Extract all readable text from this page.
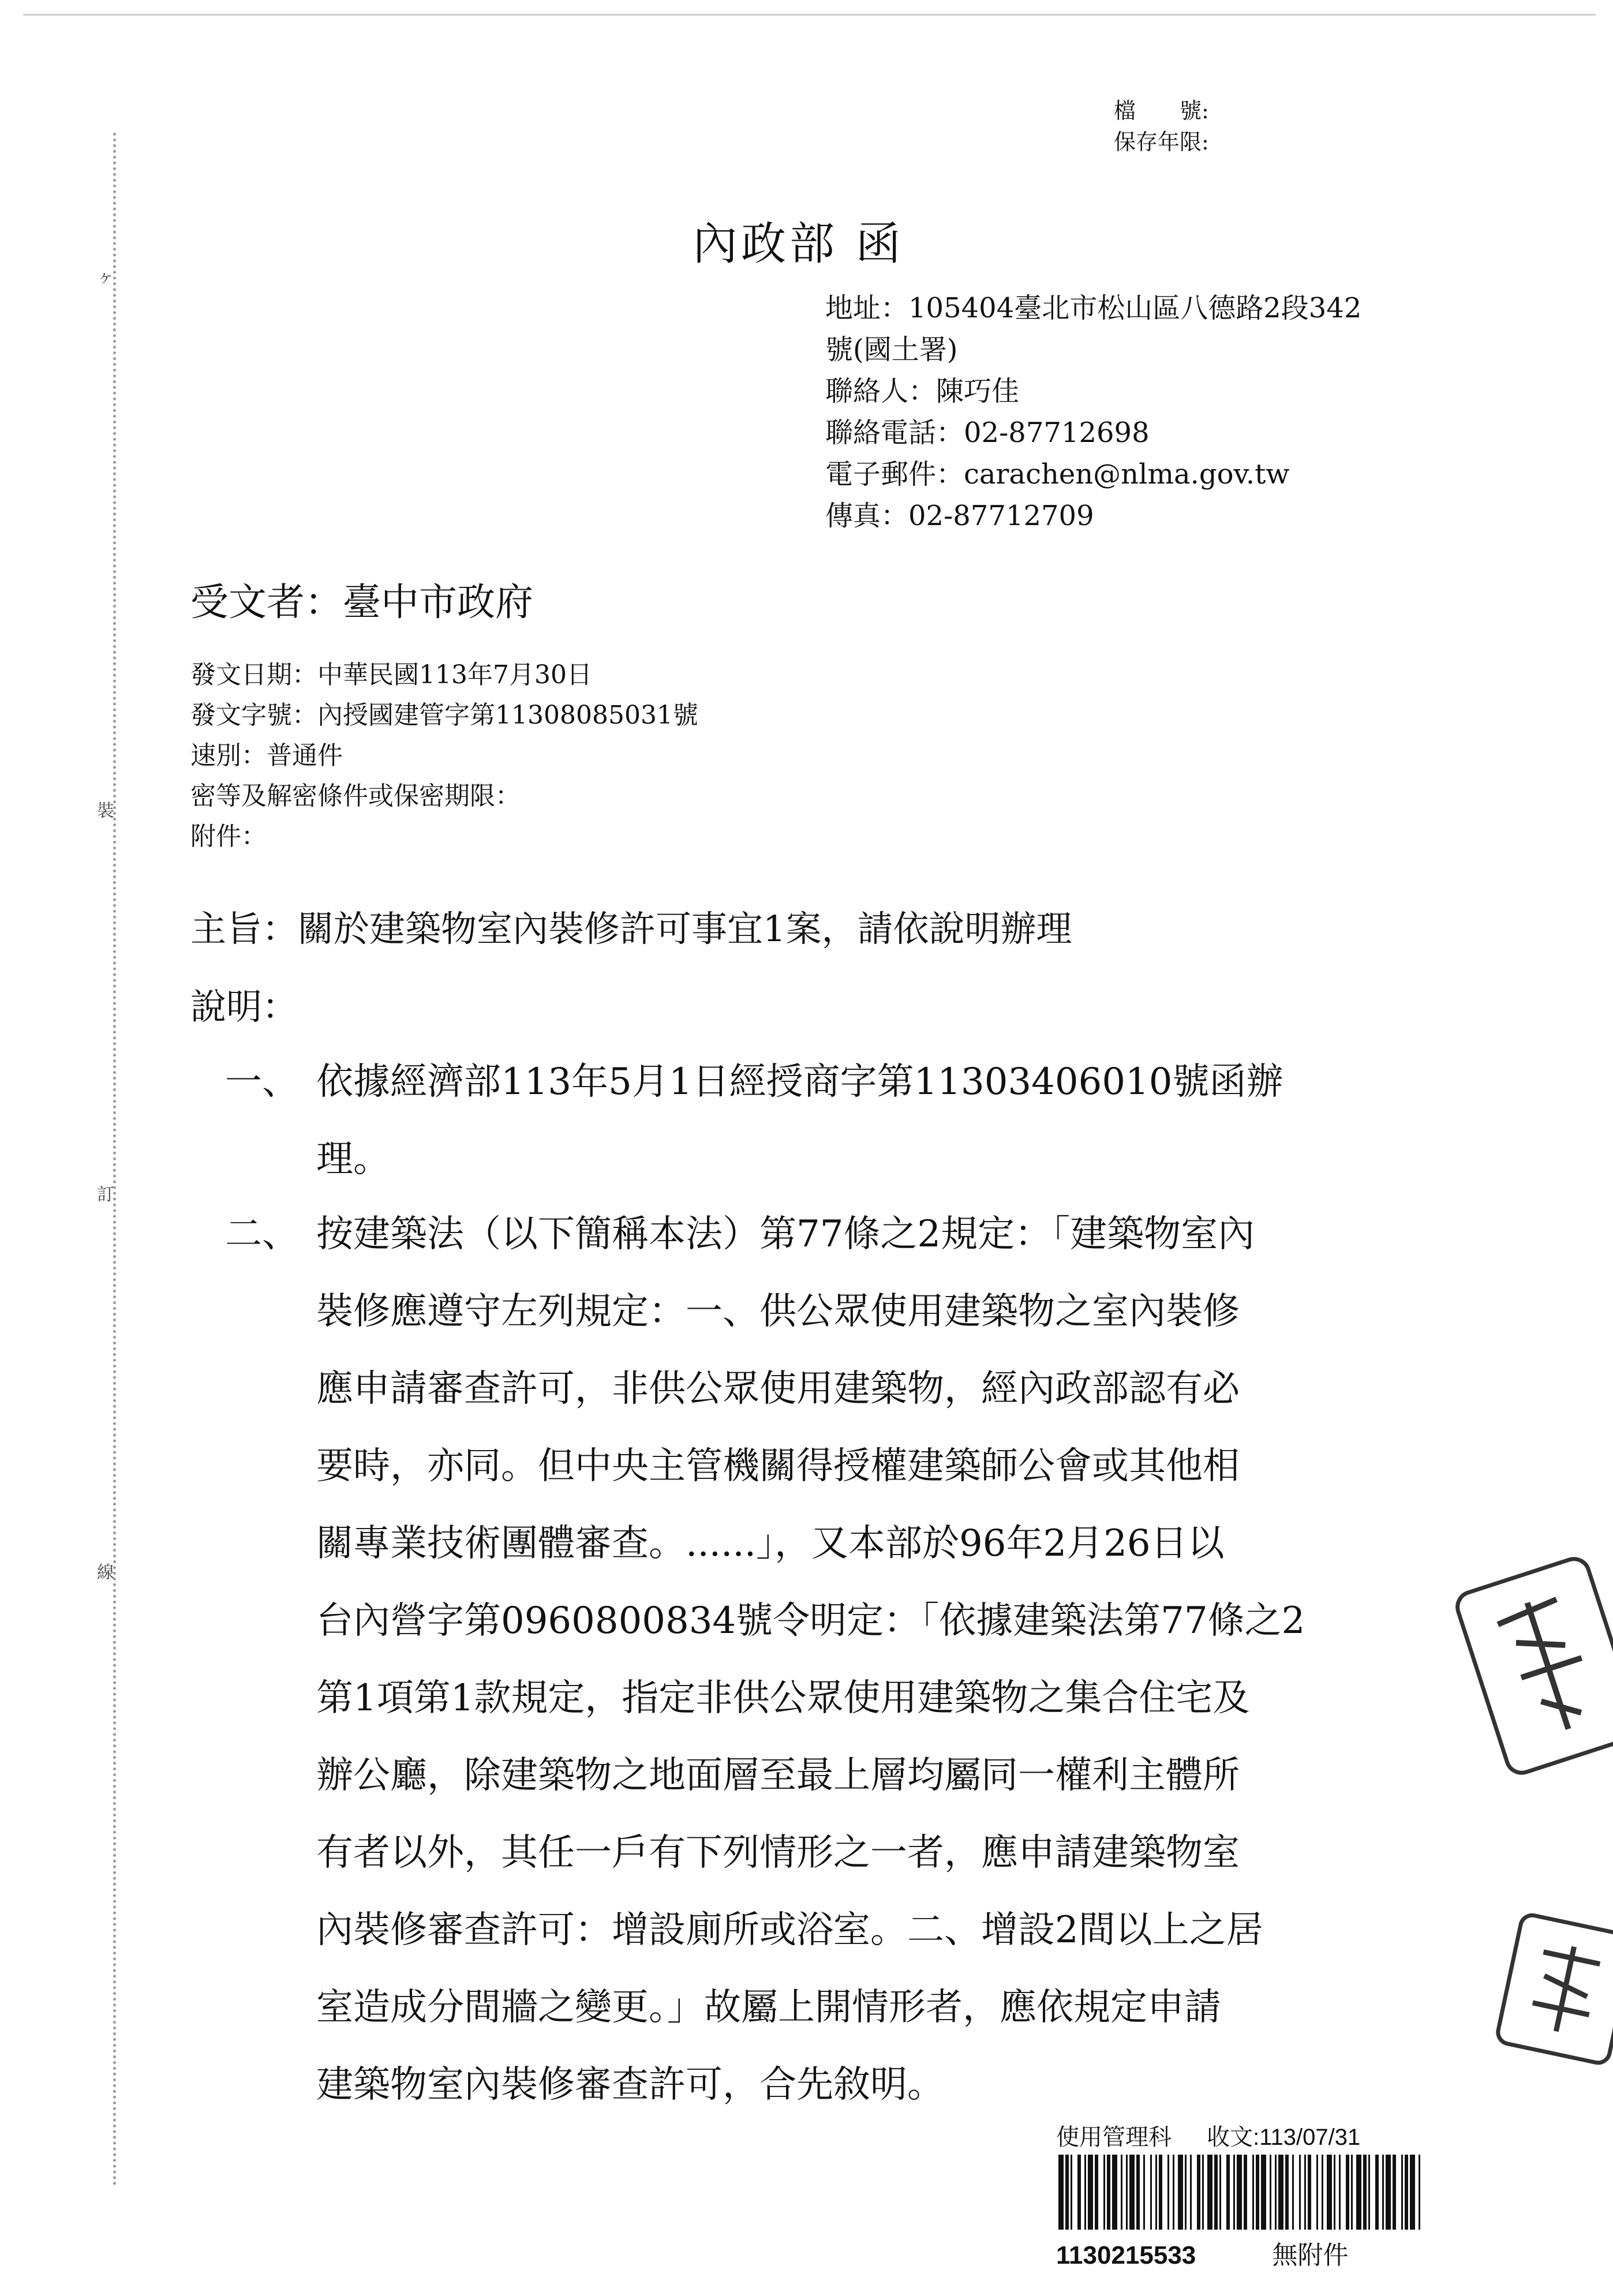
ヶ
裝
訂
線
檔　　號:
保存年限:
內政部 函
地址：105404臺北市松山區八德路2段342
號(國土署)
聯絡人：陳巧佳
聯絡電話：02-87712698
電子郵件：carachen@nlma.gov.tw
傳真：02-87712709
受文者：臺中市政府
發文日期：中華民國113年7月30日
發文字號：內授國建管字第11308085031號
速別：普通件
密等及解密條件或保密期限：
附件：
主旨：關於建築物室內裝修許可事宜1案，請依說明辦理
說明：
一、 依據經濟部113年5月1日經授商字第11303406010號函辦
理。
二、 按建築法（以下簡稱本法）第77條之2規定：「建築物室內
裝修應遵守左列規定：一、供公眾使用建築物之室內裝修
應申請審查許可，非供公眾使用建築物，經內政部認有必
要時，亦同。但中央主管機關得授權建築師公會或其他相
關專業技術團體審查。......」，又本部於96年2月26日以
台內營字第0960800834號令明定：「依據建築法第77條之2
第1項第1款規定，指定非供公眾使用建築物之集合住宅及
辦公廳，除建築物之地面層至最上層均屬同一權利主體所
有者以外，其任一戶有下列情形之一者，應申請建築物室
內裝修審查許可：增設廁所或浴室。二、增設2間以上之居
室造成分間牆之變更。」故屬上開情形者，應依規定申請
建築物室內裝修審查許可，合先敘明。
使用管理科 收文:113/07/31
1130215533	無附件
